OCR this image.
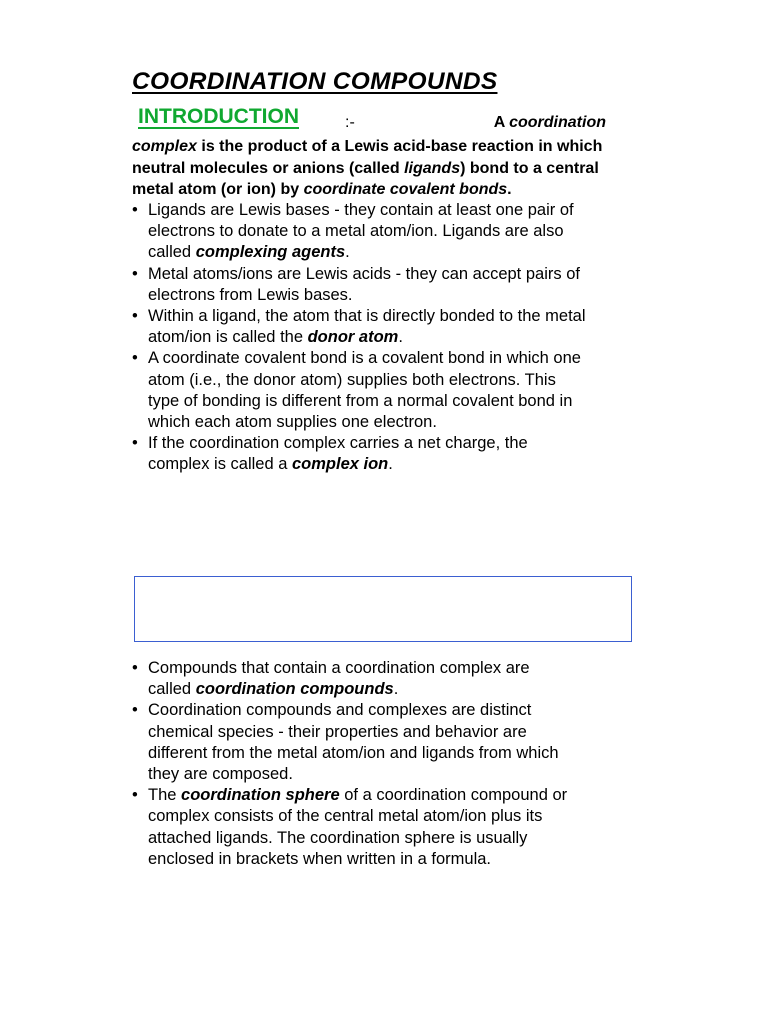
COORDINATION COMPOUNDS
INTRODUCTION	:-	A coordination

complex is the product of a Lewis acid-base reaction in which
neutral molecules or anions (called ligands) bond to a central
metal atom (or ion) by coordinate covalent bonds.

• Ligands are Lewis bases - they contain at least one pair of
electrons to donate to a metal atom/ion. Ligands are also
called complexing agents.
• Metal atoms/ions are Lewis acids - they can accept pairs of
electrons from Lewis bases.
• Within a ligand, the atom that is directly bonded to the metal
atom/ion is called the donor atom.
• A coordinate covalent bond is a covalent bond in which one
atom (i.e., the donor atom) supplies both electrons. This
type of bonding is different from a normal covalent bond in
which each atom supplies one electron.
• If the coordination complex carries a net charge, the
complex is called a complex ion.
• Compounds that contain a coordination complex are
called coordination compounds.
• Coordination compounds and complexes are distinct
chemical species - their properties and behavior are
different from the metal atom/ion and ligands from which
they are composed.
• The coordination sphere of a coordination compound or
complex consists of the central metal atom/ion plus its
attached ligands. The coordination sphere is usually
enclosed in brackets when written in a formula.
